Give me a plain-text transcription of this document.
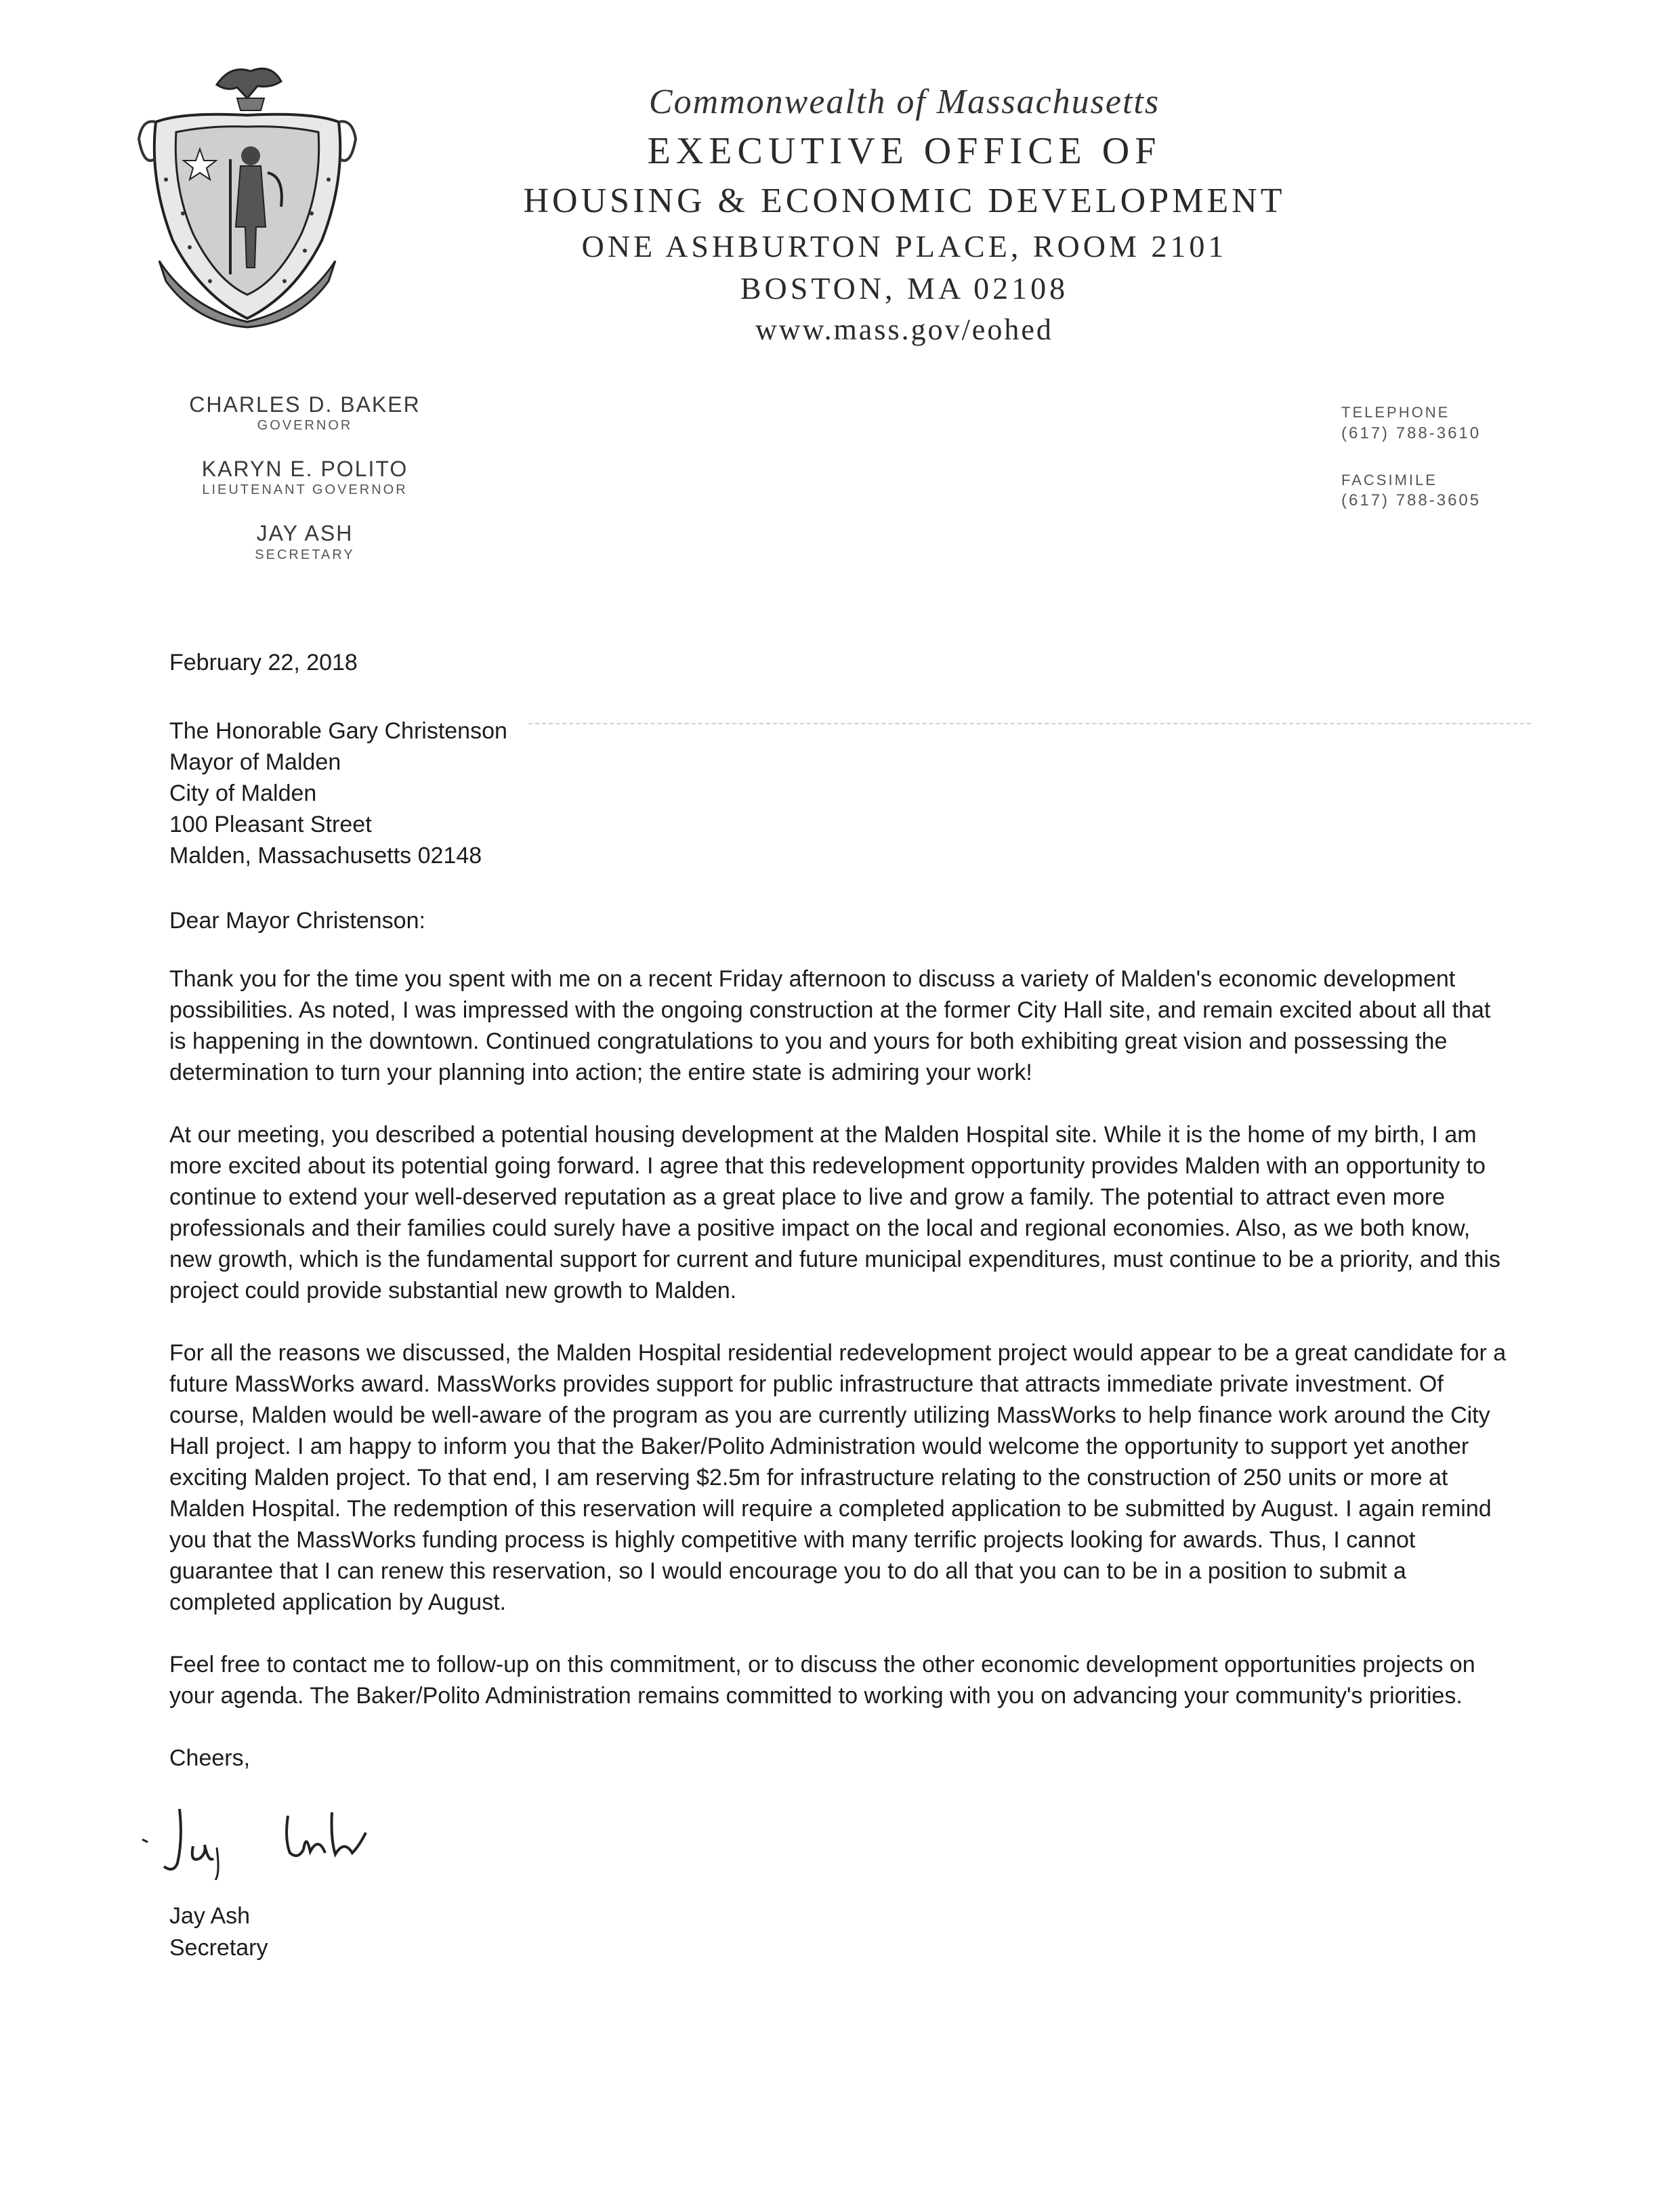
Commonwealth of Massachusetts
EXECUTIVE OFFICE OF
HOUSING & ECONOMIC DEVELOPMENT
ONE ASHBURTON PLACE, ROOM 2101
BOSTON, MA 02108
www.mass.gov/eohed
CHARLES D. BAKER
GOVERNOR
KARYN E. POLITO
LIEUTENANT GOVERNOR
JAY ASH
SECRETARY
TELEPHONE
(617) 788-3610
FACSIMILE
(617) 788-3605
February 22, 2018
The Honorable Gary Christenson
Mayor of Malden
City of Malden
100 Pleasant Street
Malden, Massachusetts 02148
Dear Mayor Christenson:

Thank you for the time you spent with me on a recent Friday afternoon to discuss a variety of Malden's economic development possibilities. As noted, I was impressed with the ongoing construction at the former City Hall site, and remain excited about all that is happening in the downtown. Continued congratulations to you and yours for both exhibiting great vision and possessing the determination to turn your planning into action; the entire state is admiring your work!

At our meeting, you described a potential housing development at the Malden Hospital site. While it is the home of my birth, I am more excited about its potential going forward. I agree that this redevelopment opportunity provides Malden with an opportunity to continue to extend your well-deserved reputation as a great place to live and grow a family. The potential to attract even more professionals and their families could surely have a positive impact on the local and regional economies. Also, as we both know, new growth, which is the fundamental support for current and future municipal expenditures, must continue to be a priority, and this project could provide substantial new growth to Malden.

For all the reasons we discussed, the Malden Hospital residential redevelopment project would appear to be a great candidate for a future MassWorks award. MassWorks provides support for public infrastructure that attracts immediate private investment. Of course, Malden would be well-aware of the program as you are currently utilizing MassWorks to help finance work around the City Hall project. I am happy to inform you that the Baker/Polito Administration would welcome the opportunity to support yet another exciting Malden project. To that end, I am reserving $2.5m for infrastructure relating to the construction of 250 units or more at Malden Hospital. The redemption of this reservation will require a completed application to be submitted by August. I again remind you that the MassWorks funding process is highly competitive with many terrific projects looking for awards. Thus, I cannot guarantee that I can renew this reservation, so I would encourage you to do all that you can to be in a position to submit a completed application by August.

Feel free to contact me to follow-up on this commitment, or to discuss the other economic development opportunities projects on your agenda. The Baker/Polito Administration remains committed to working with you on advancing your community's priorities.

Cheers,
Jay Ash
Secretary
